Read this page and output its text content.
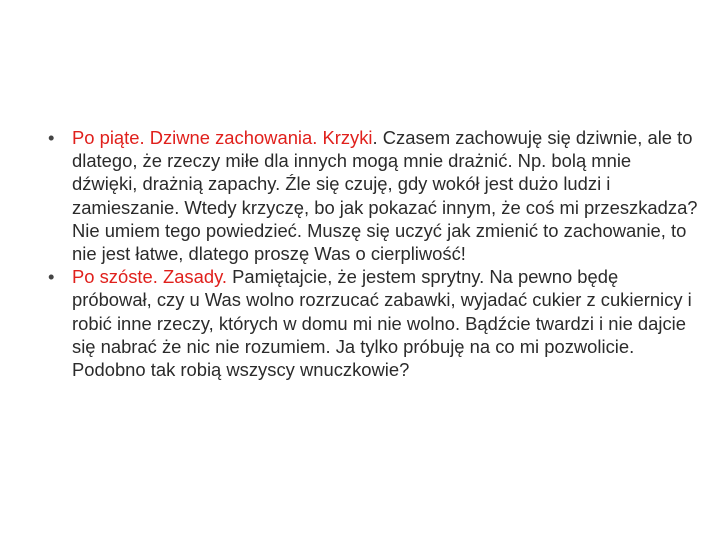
• Po piąte. Dziwne zachowania. Krzyki. Czasem zachowuję się dziwnie, ale to dlatego, że rzeczy miłe dla innych mogą mnie drażnić. Np. bolą mnie dźwięki, drażnią zapachy. Źle się czuję, gdy wokół jest dużo ludzi i zamieszanie. Wtedy krzyczę, bo jak pokazać innym, że coś mi przeszkadza? Nie umiem tego powiedzieć. Muszę się uczyć jak zmienić to zachowanie, to nie jest łatwe, dlatego proszę Was o cierpliwość!
• Po szóste. Zasady. Pamiętajcie, że jestem sprytny. Na pewno będę próbował, czy u Was wolno rozrzucać zabawki, wyjadać cukier z cukiernicy i robić inne rzeczy, których w domu mi nie wolno. Bądźcie twardzi i nie dajcie się nabrać że nic nie rozumiem. Ja tylko próbuję na co mi pozwolicie. Podobno tak robią wszyscy wnuczkowie?
